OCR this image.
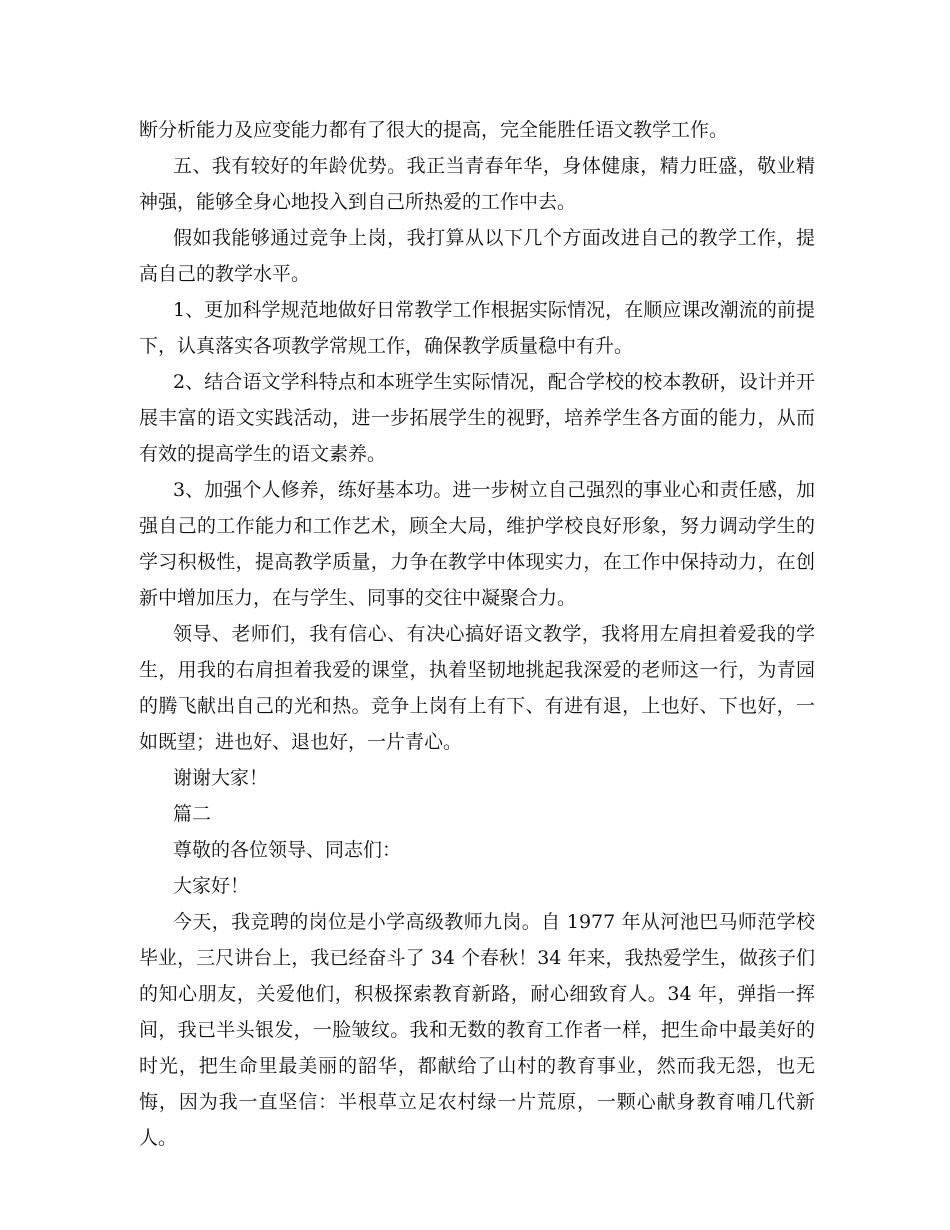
断分析能力及应变能力都有了很大的提高，完全能胜任语文教学工作。

五、我有较好的年龄优势。我正当青春年华，身体健康，精力旺盛，敬业精神强，能够全身心地投入到自己所热爱的工作中去。

假如我能够通过竞争上岗，我打算从以下几个方面改进自己的教学工作，提高自己的教学水平。

1、更加科学规范地做好日常教学工作根据实际情况，在顺应课改潮流的前提下，认真落实各项教学常规工作，确保教学质量稳中有升。

2、结合语文学科特点和本班学生实际情况，配合学校的校本教研，设计并开展丰富的语文实践活动，进一步拓展学生的视野，培养学生各方面的能力，从而有效的提高学生的语文素养。

3、加强个人修养，练好基本功。进一步树立自己强烈的事业心和责任感，加强自己的工作能力和工作艺术，顾全大局，维护学校良好形象，努力调动学生的学习积极性，提高教学质量，力争在教学中体现实力，在工作中保持动力，在创新中增加压力，在与学生、同事的交往中凝聚合力。

领导、老师们，我有信心、有决心搞好语文教学，我将用左肩担着爱我的学生，用我的右肩担着我爱的课堂，执着坚韧地挑起我深爱的老师这一行，为青园的腾飞献出自己的光和热。竞争上岗有上有下、有进有退，上也好、下也好，一如既望；进也好、退也好，一片青心。

谢谢大家！

篇二

尊敬的各位领导、同志们：

大家好！

今天，我竞聘的岗位是小学高级教师九岗。自 1977 年从河池巴马师范学校毕业，三尺讲台上，我已经奋斗了 34 个春秋！34 年来，我热爱学生，做孩子们的知心朋友，关爱他们，积极探索教育新路，耐心细致育人。34 年，弹指一挥间，我已半头银发，一脸皱纹。我和无数的教育工作者一样，把生命中最美好的时光，把生命里最美丽的韶华，都献给了山村的教育事业，然而我无怨，也无悔，因为我一直坚信：半根草立足农村绿一片荒原，一颗心献身教育哺几代新人。
